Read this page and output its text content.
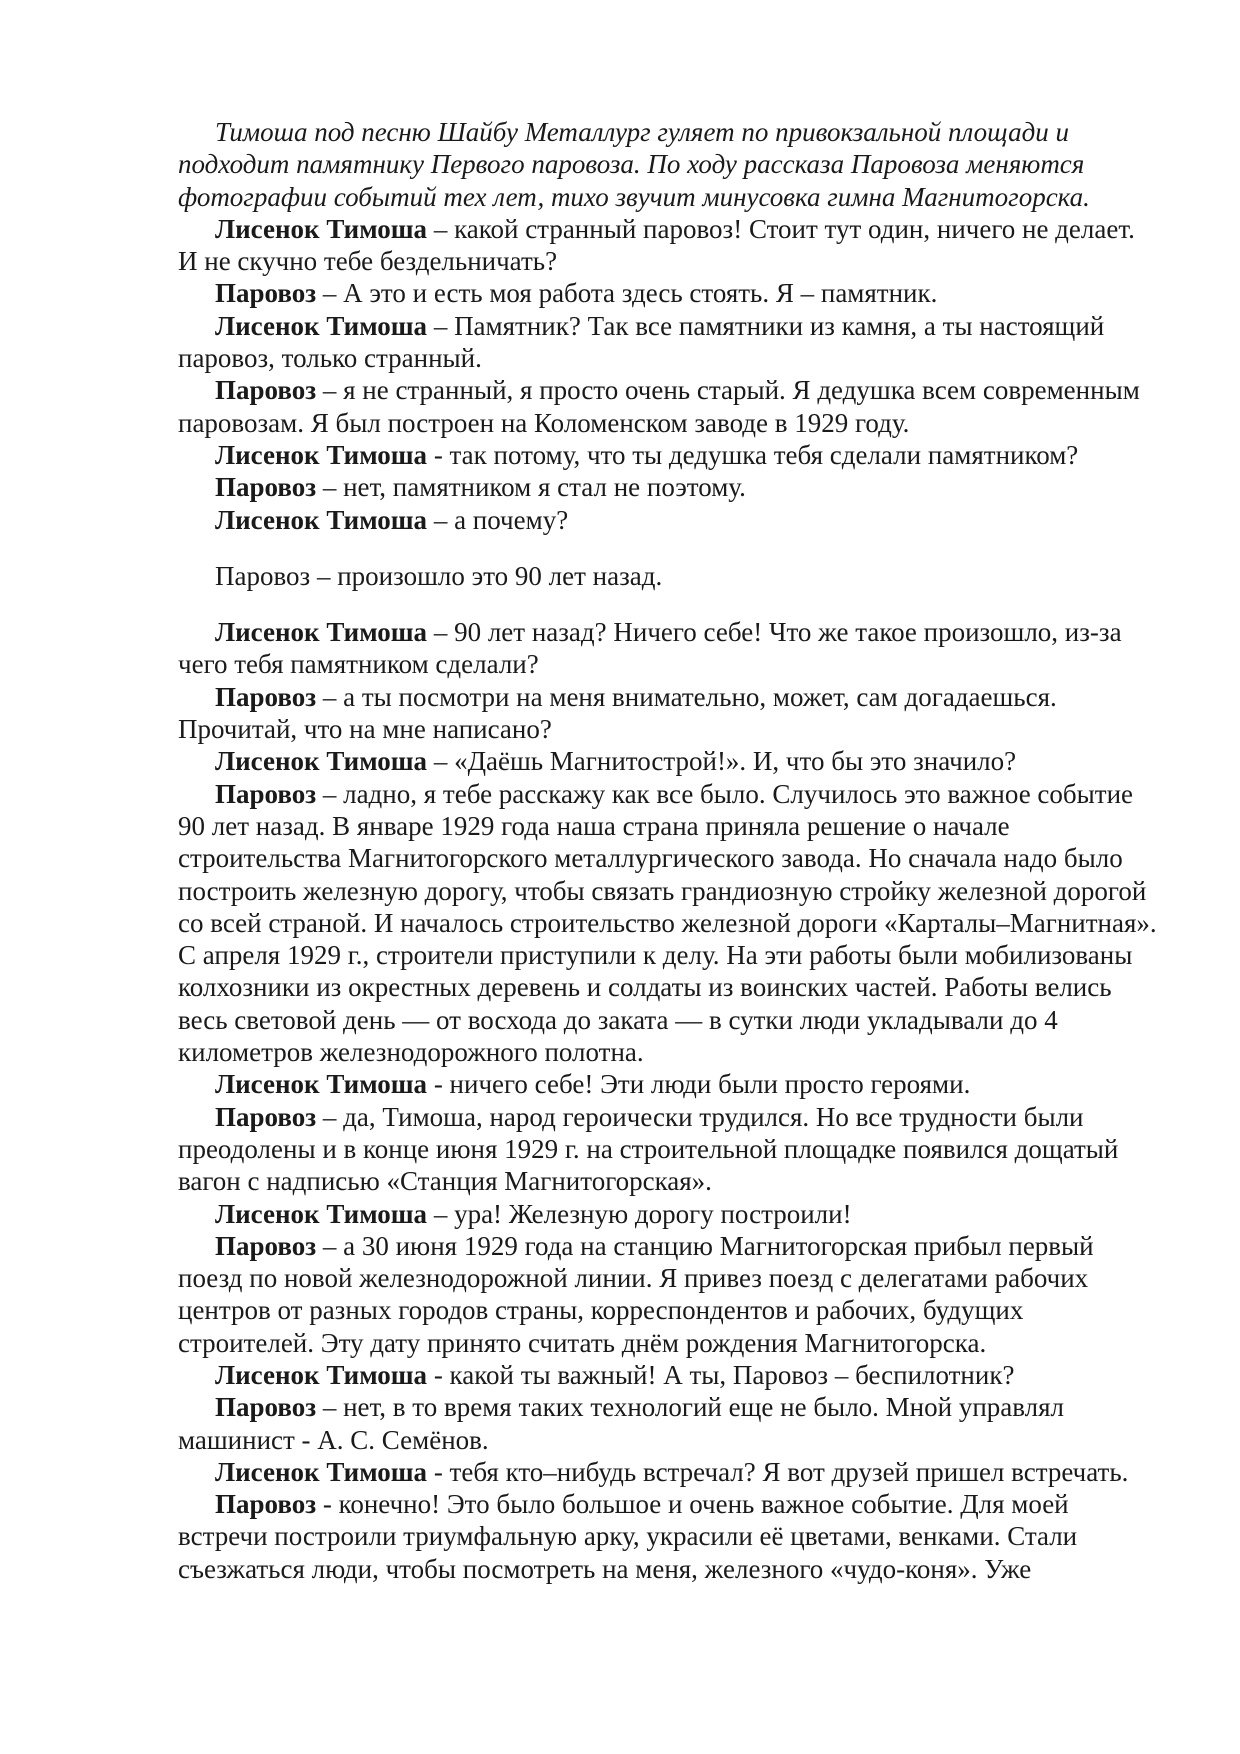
Тимоша под песню Шайбу Металлург гуляет по привокзальной площади и подходит памятнику Первого паровоза. По ходу рассказа Паровоза меняются фотографии событий тех лет, тихо звучит минусовка гимна Магнитогорска.

Лисенок Тимоша – какой странный паровоз! Стоит тут один, ничего не делает. И не скучно тебе бездельничать?

Паровоз – А это и есть моя работа здесь стоять. Я – памятник.

Лисенок Тимоша – Памятник? Так все памятники из камня, а ты настоящий паровоз, только странный.

Паровоз – я не странный, я просто очень старый. Я дедушка всем современным паровозам. Я был построен на Коломенском заводе в 1929 году.

Лисенок Тимоша - так потому, что ты дедушка тебя сделали памятником?

Паровоз – нет, памятником я стал не поэтому.

Лисенок Тимоша – а почему?

Паровоз – произошло это 90 лет назад.

Лисенок Тимоша – 90 лет назад? Ничего себе! Что же такое произошло, из-за чего тебя памятником сделали?

Паровоз – а ты посмотри на меня внимательно, может, сам догадаешься. Прочитай, что на мне написано?

Лисенок Тимоша – «Даёшь Магнитострой!». И, что бы это значило?

Паровоз – ладно, я тебе расскажу как все было. Случилось это важное событие 90 лет назад. В январе 1929 года наша страна приняла решение о начале строительства Магнитогорского металлургического завода. Но сначала надо было построить железную дорогу, чтобы связать грандиозную стройку железной дорогой со всей страной. И началось строительство железной дороги «Карталы–Магнитная». С апреля 1929 г., строители приступили к делу. На эти работы были мобилизованы колхозники из окрестных деревень и солдаты из воинских частей. Работы велись весь световой день — от восхода до заката — в сутки люди укладывали до 4 километров железнодорожного полотна.

Лисенок Тимоша - ничего себе! Эти люди были просто героями.

Паровоз – да, Тимоша, народ героически трудился. Но все трудности были преодолены и в конце июня 1929 г. на строительной площадке появился дощатый вагон с надписью «Станция Магнитогорская».

Лисенок Тимоша – ура! Железную дорогу построили!

Паровоз – а 30 июня 1929 года на станцию Магнитогорская прибыл первый поезд по новой железнодорожной линии. Я привез поезд с делегатами рабочих центров от разных городов страны, корреспондентов и рабочих, будущих строителей. Эту дату принято считать днём рождения Магнитогорска.

Лисенок Тимоша - какой ты важный! А ты, Паровоз – беспилотник?

Паровоз – нет, в то время таких технологий еще не было. Мной управлял машинист - А. С. Семёнов.

Лисенок Тимоша - тебя кто–нибудь встречал? Я вот друзей пришел встречать.

Паровоз - конечно! Это было большое и очень важное событие. Для моей встречи построили триумфальную арку, украсили её цветами, венками. Стали съезжаться люди, чтобы посмотреть на меня, железного «чудо-коня». Уже
